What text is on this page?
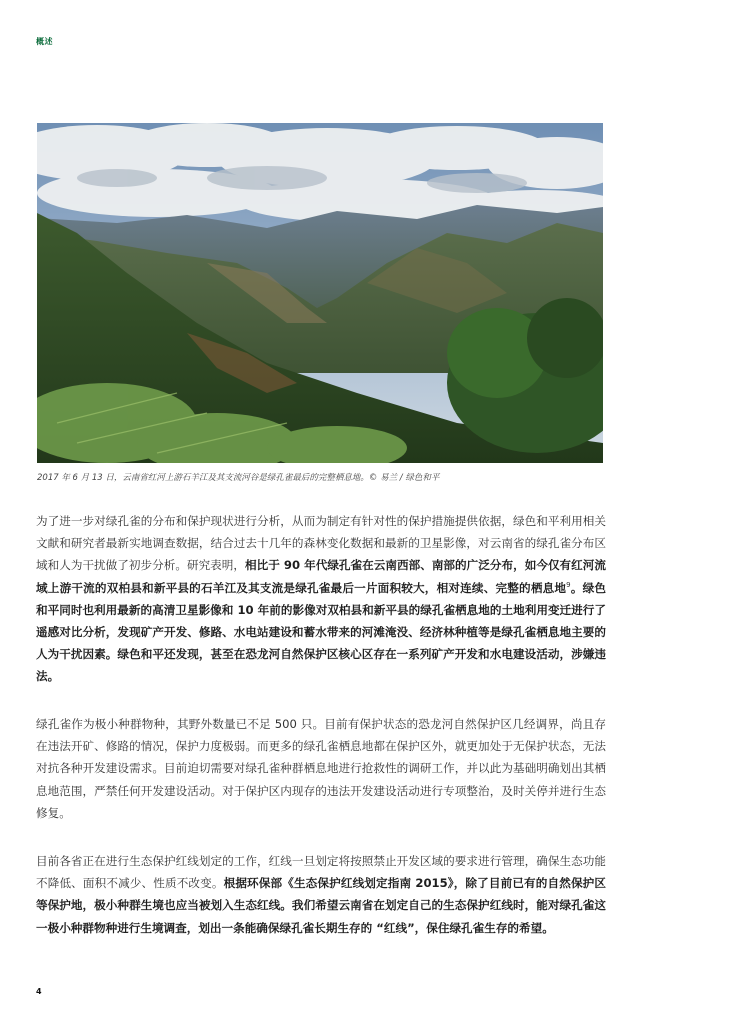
概述
2017 年 6 月 13 日，云南省红河上游石羊江及其支流河谷是绿孔雀最后的完整栖息地。© 易兰 / 绿色和平
为了进一步对绿孔雀的分布和保护现状进行分析，从而为制定有针对性的保护措施提供依据，绿色和平利用相关文献和研究者最新实地调查数据，结合过去十几年的森林变化数据和最新的卫星影像，对云南省的绿孔雀分布区域和人为干扰做了初步分析。研究表明，相比于 90 年代绿孔雀在云南西部、南部的广泛分布，如今仅有红河流域上游干流的双柏县和新平县的石羊江及其支流是绿孔雀最后一片面积较大，相对连续、完整的栖息地$^9$。绿色和平同时也利用最新的高清卫星影像和 10 年前的影像对双柏县和新平县的绿孔雀栖息地的土地利用变迁进行了遥感对比分析，发现矿产开发、修路、水电站建设和蓄水带来的河滩淹没、经济林种植等是绿孔雀栖息地主要的人为干扰因素。绿色和平还发现，甚至在恐龙河自然保护区核心区存在一系列矿产开发和水电建设活动，涉嫌违法。
绿孔雀作为极小种群物种，其野外数量已不足 500 只。目前有保护状态的恐龙河自然保护区几经调界，尚且存在违法开矿、修路的情况，保护力度极弱。而更多的绿孔雀栖息地都在保护区外，就更加处于无保护状态，无法对抗各种开发建设需求。目前迫切需要对绿孔雀种群栖息地进行抢救性的调研工作，并以此为基础明确划出其栖息地范围，严禁任何开发建设活动。对于保护区内现存的违法开发建设活动进行专项整治，及时关停并进行生态修复。
目前各省正在进行生态保护红线划定的工作，红线一旦划定将按照禁止开发区域的要求进行管理，确保生态功能不降低、面积不减少、性质不改变。根据环保部《生态保护红线划定指南 2015》，除了目前已有的自然保护区等保护地，极小种群生境也应当被划入生态红线。我们希望云南省在划定自己的生态保护红线时，能对绿孔雀这一极小种群物种进行生境调查，划出一条能确保绿孔雀长期生存的 “红线”，保住绿孔雀生存的希望。
4
